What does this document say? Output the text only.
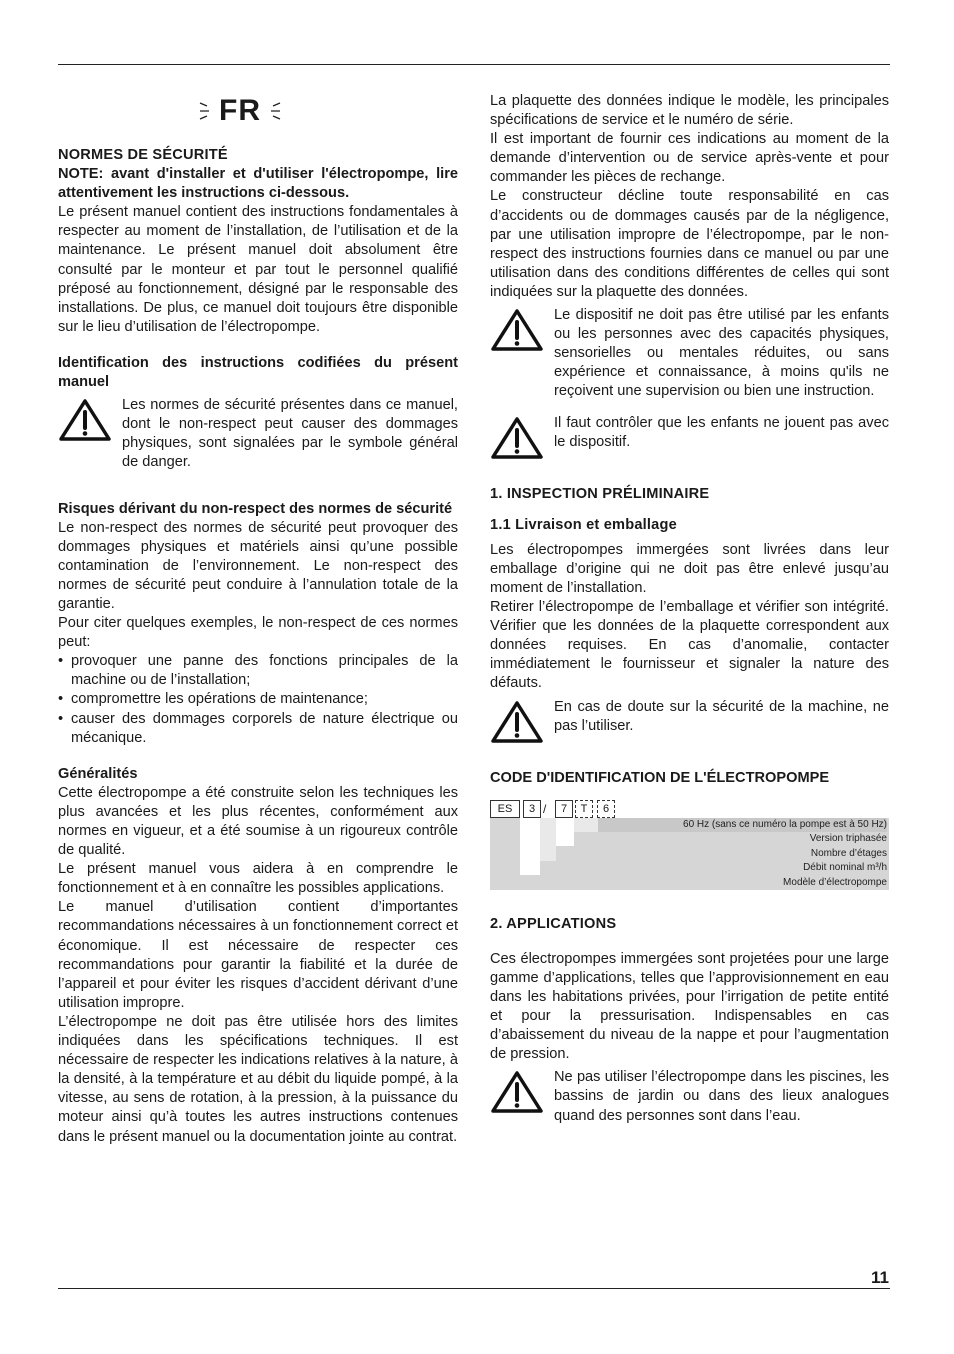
FR

NORMES DE SÉCURITÉ

NOTE: avant d'installer et d'utiliser l'électropompe, lire attentivement les instructions ci-dessous.

Le présent manuel contient des instructions fondamentales à respecter au moment de l’installation, de l’utilisation et de la maintenance. Le présent manuel doit absolument être consulté par le monteur et par tout le personnel qualifié préposé au fonctionnement, désigné par le responsable des installations. De plus, ce manuel doit toujours être disponible sur le lieu d’utilisation de l’électropompe.

Identification des instructions codifiées du présent manuel

Les normes de sécurité présentes dans ce manuel, dont le non-respect peut causer des dommages physiques, sont signalées par le symbole général de danger.

Risques dérivant du non-respect des normes de sécurité

Le non-respect des normes de sécurité peut provoquer des dommages physiques et matériels ainsi qu’une possible contamination de l’environnement. Le non-respect des normes de sécurité peut conduire à l’annulation totale de la garantie.

Pour citer quelques exemples, le non-respect de ces normes peut:

• provoquer une panne des fonctions principales de la machine ou de l’installation;
• compromettre les opérations de maintenance;
• causer des dommages corporels de nature électrique ou mécanique.

Généralités

Cette électropompe a été construite selon les techniques les plus avancées et les plus récentes, conformément aux normes en vigueur, et a été soumise à un rigoureux contrôle de qualité.

Le présent manuel vous aidera à en comprendre le fonctionnement et à en connaître les possibles applications.

Le manuel d’utilisation contient d’importantes recommandations nécessaires à un fonctionnement correct et économique. Il est nécessaire de respecter ces recommandations pour garantir la fiabilité et la durée de l’appareil et pour éviter les risques d’accident dérivant d’une utilisation impropre.

L’électropompe ne doit pas être utilisée hors des limites indiquées dans les spécifications techniques. Il est nécessaire de respecter les indications relatives à la nature, à la densité, à la température et au débit du liquide pompé, à la vitesse, au sens de rotation, à la pression, à la puissance du moteur ainsi qu’à toutes les autres instructions contenues dans le présent manuel ou la documentation jointe au contrat.

La plaquette des données indique le modèle, les principales spécifications de service et le numéro de série.

Il est important de fournir ces indications au moment de la demande d’intervention ou de service après-vente et pour commander les pièces de rechange.

Le constructeur décline toute responsabilité en cas d’accidents ou de dommages causés par de la négligence, par une utilisation impropre de l’électropompe, par le non-respect des instructions fournies dans ce manuel ou par une utilisation dans des conditions différentes de celles qui sont indiquées sur la plaquette des données.

Le dispositif ne doit pas être utilisé par les enfants ou les personnes avec des capacités physiques, sensorielles ou mentales réduites, ou sans expérience et connaissance, à moins qu'ils ne reçoivent une supervision ou bien une instruction.

Il faut contrôler que les enfants ne jouent pas avec le dispositif.

1. INSPECTION PRÉLIMINAIRE

1.1 Livraison et emballage

Les électropompes immergées sont livrées dans leur emballage d’origine qui ne doit pas être enlevé jusqu’au moment de l’installation.

Retirer l’électropompe de l’emballage et vérifier son intégrité. Vérifier que les données de la plaquette correspondent aux données requises. En cas d’anomalie, contacter immédiatement le fournisseur et signaler la nature des défauts.

En cas de doute sur la sécurité de la machine, ne pas l’utiliser.

CODE D'IDENTIFICATION DE L'ÉLECTROPOMPE

60 Hz (sans ce numéro la pompe est à 50 Hz)
Version triphasée
Nombre d’étages
Débit nominal m³/h
Modèle d’électropompe
ES	3 /	7	T	6

2. APPLICATIONS

Ces électropompes immergées sont projetées pour une large gamme d’applications, telles que l’approvisionnement en eau dans les habitations privées, pour l’irrigation de petite entité et pour la pressurisation. Indispensables en cas d’abaissement du niveau de la nappe et pour l’augmentation de pression.

Ne pas utiliser l’électropompe dans les piscines, les bassins de jardin ou dans des lieux analogues quand des personnes sont dans l’eau.

11
